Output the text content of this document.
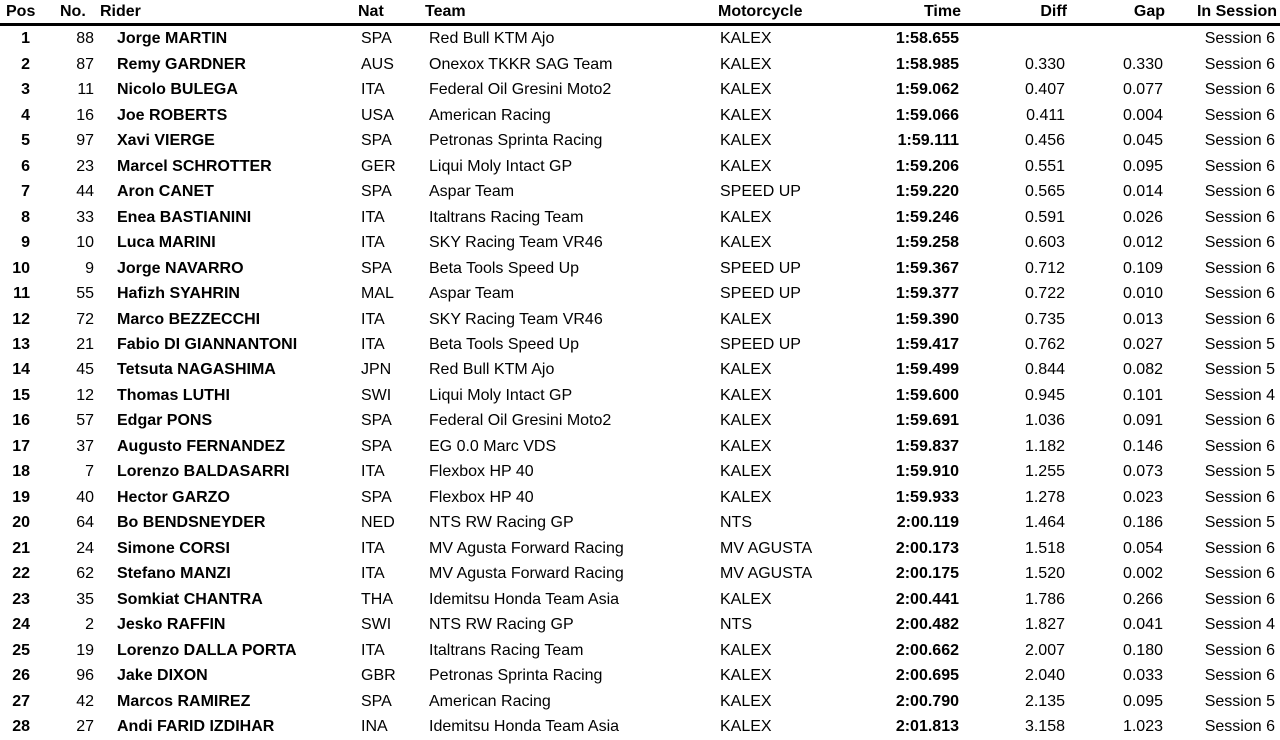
Pos	No.	Rider	Nat	Team	Motorcycle	Time	Diff	Gap	In Session
1	88	Jorge MARTIN	SPA	Red Bull KTM Ajo	KALEX	1:58.655			Session 6
2	87	Remy GARDNER	AUS	Onexox TKKR SAG Team	KALEX	1:58.985	0.330	0.330	Session 6
3	11	Nicolo BULEGA	ITA	Federal Oil Gresini Moto2	KALEX	1:59.062	0.407	0.077	Session 6
4	16	Joe ROBERTS	USA	American Racing	KALEX	1:59.066	0.411	0.004	Session 6
5	97	Xavi VIERGE	SPA	Petronas Sprinta Racing	KALEX	1:59.111	0.456	0.045	Session 6
6	23	Marcel SCHROTTER	GER	Liqui Moly Intact GP	KALEX	1:59.206	0.551	0.095	Session 6
7	44	Aron CANET	SPA	Aspar Team	SPEED UP	1:59.220	0.565	0.014	Session 6
8	33	Enea BASTIANINI	ITA	Italtrans Racing Team	KALEX	1:59.246	0.591	0.026	Session 6
9	10	Luca MARINI	ITA	SKY Racing Team VR46	KALEX	1:59.258	0.603	0.012	Session 6
10	9	Jorge NAVARRO	SPA	Beta Tools Speed Up	SPEED UP	1:59.367	0.712	0.109	Session 6
11	55	Hafizh SYAHRIN	MAL	Aspar Team	SPEED UP	1:59.377	0.722	0.010	Session 6
12	72	Marco BEZZECCHI	ITA	SKY Racing Team VR46	KALEX	1:59.390	0.735	0.013	Session 6
13	21	Fabio DI GIANNANTONI	ITA	Beta Tools Speed Up	SPEED UP	1:59.417	0.762	0.027	Session 5
14	45	Tetsuta NAGASHIMA	JPN	Red Bull KTM Ajo	KALEX	1:59.499	0.844	0.082	Session 5
15	12	Thomas LUTHI	SWI	Liqui Moly Intact GP	KALEX	1:59.600	0.945	0.101	Session 4
16	57	Edgar PONS	SPA	Federal Oil Gresini Moto2	KALEX	1:59.691	1.036	0.091	Session 6
17	37	Augusto FERNANDEZ	SPA	EG 0.0 Marc VDS	KALEX	1:59.837	1.182	0.146	Session 6
18	7	Lorenzo BALDASARRI	ITA	Flexbox HP 40	KALEX	1:59.910	1.255	0.073	Session 5
19	40	Hector GARZO	SPA	Flexbox HP 40	KALEX	1:59.933	1.278	0.023	Session 6
20	64	Bo BENDSNEYDER	NED	NTS RW Racing GP	NTS	2:00.119	1.464	0.186	Session 5
21	24	Simone CORSI	ITA	MV Agusta Forward Racing	MV AGUSTA	2:00.173	1.518	0.054	Session 6
22	62	Stefano MANZI	ITA	MV Agusta Forward Racing	MV AGUSTA	2:00.175	1.520	0.002	Session 6
23	35	Somkiat CHANTRA	THA	Idemitsu Honda Team Asia	KALEX	2:00.441	1.786	0.266	Session 6
24	2	Jesko RAFFIN	SWI	NTS RW Racing GP	NTS	2:00.482	1.827	0.041	Session 4
25	19	Lorenzo DALLA PORTA	ITA	Italtrans Racing Team	KALEX	2:00.662	2.007	0.180	Session 6
26	96	Jake DIXON	GBR	Petronas Sprinta Racing	KALEX	2:00.695	2.040	0.033	Session 6
27	42	Marcos RAMIREZ	SPA	American Racing	KALEX	2:00.790	2.135	0.095	Session 5
28	27	Andi FARID IZDIHAR	INA	Idemitsu Honda Team Asia	KALEX	2:01.813	3.158	1.023	Session 6
